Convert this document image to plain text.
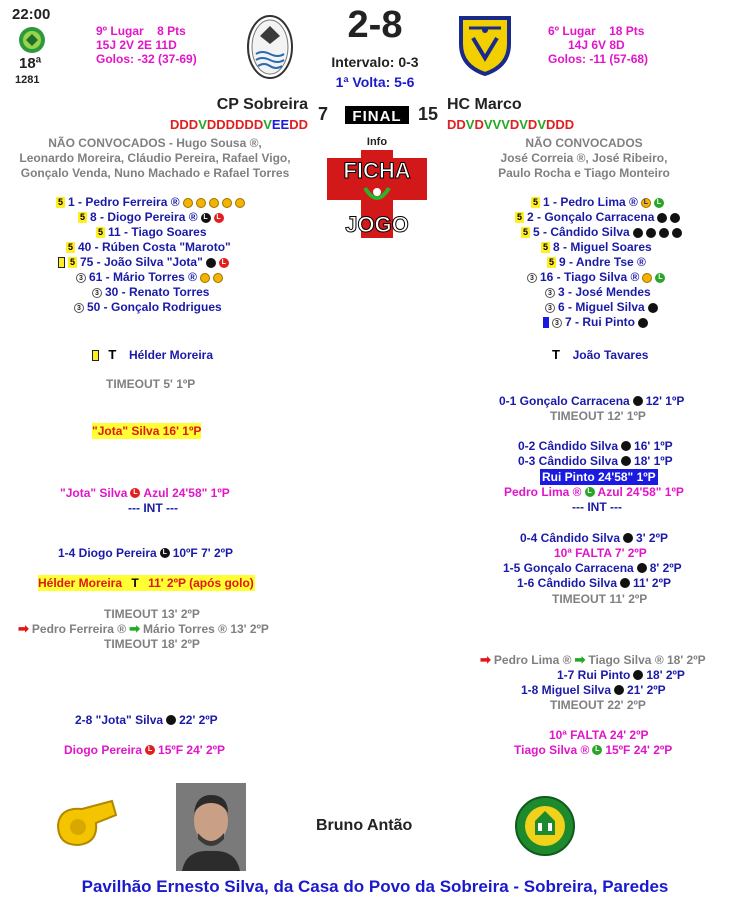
22:00
18ª
1281
9º Lugar 8 Pts
15J 2V 2E 11D
Golos: -32 (37-69)
2-8
Intervalo: 0-3
1ª Volta: 5-6
6º Lugar 18 Pts
14J 6V 8D
Golos: -11 (57-68)
CP Sobreira 7	FINAL 15 HC Marco
D D D V D D D D D D V E E D D	D D V D V V V D V D V D D D
Info
FICHA
JOGO
NÃO CONVOCADOS - Hugo Sousa ®,
Leonardo Moreira, Cláudio Pereira, Rafael Vigo,
Gonçalo Venda, Nuno Machado e Rafael Torres
NÃO CONVOCADOS
José Correia ®, José Ribeiro,
Paulo Rocha e Tiago Monteiro
5 1 - Pedro Ferreira ®
5 8 - Diogo Pereira ® L	L
5 11 - Tiago Soares
5 40 - Rúben Costa "Maroto"
5 75 - João Silva "Jota"	L
3 61 - Mário Torres ®
3 30 - Renato Torres
3 50 - Gonçalo Rodrigues
5 1 - Pedro Lima ® L	L
5 2 - Gonçalo Carracena
5 5 - Cândido Silva
5 8 - Miguel Soares
5 9 - Andre Tse ®
3 16 - Tiago Silva ®	L
3 3 - José Mendes
3 6 - Miguel Silva
3 7 - Rui Pinto

T
Hélder Moreira	T
João Tavares
TIMEOUT 5' 1ºP
"Jota" Silva 16' 1ºP
"Jota" Silva L Azul 24'58" 1ºP
--- INT ---
1-4 Diogo Pereira L 10ºF 7' 2ºP
Hélder Moreira
T
11' 2ºP (após golo)
TIMEOUT 13' 2ºP
➡ Pedro Ferreira ® ➡ Mário Torres ® 13' 2ºP
TIMEOUT 18' 2ºP
2-8 "Jota" Silva 22' 2ºP
Diogo Pereira L 15ºF 24' 2ºP
0-1 Gonçalo Carracena 12' 1ºP
TIMEOUT 12' 1ºP
0-2 Cândido Silva 16' 1ºP
0-3 Cândido Silva 18' 1ºP
Rui Pinto 24'58" 1ºP
Pedro Lima ® L Azul 24'58" 1ºP
--- INT ---
0-4 Cândido Silva 3' 2ºP
10ª FALTA 7' 2ºP
1-5 Gonçalo Carracena 8' 2ºP
1-6 Cândido Silva 11' 2ºP
TIMEOUT 11' 2ºP
➡ Pedro Lima ® ➡ Tiago Silva ® 18' 2ºP
1-7 Rui Pinto 18' 2ºP
1-8 Miguel Silva 21' 2ºP
TIMEOUT 22' 2ºP
10ª FALTA 24' 2ºP
Tiago Silva ® L 15ºF 24' 2ºP
Bruno Antão
Pavilhão Ernesto Silva, da Casa do Povo da Sobreira - Sobreira, Paredes
